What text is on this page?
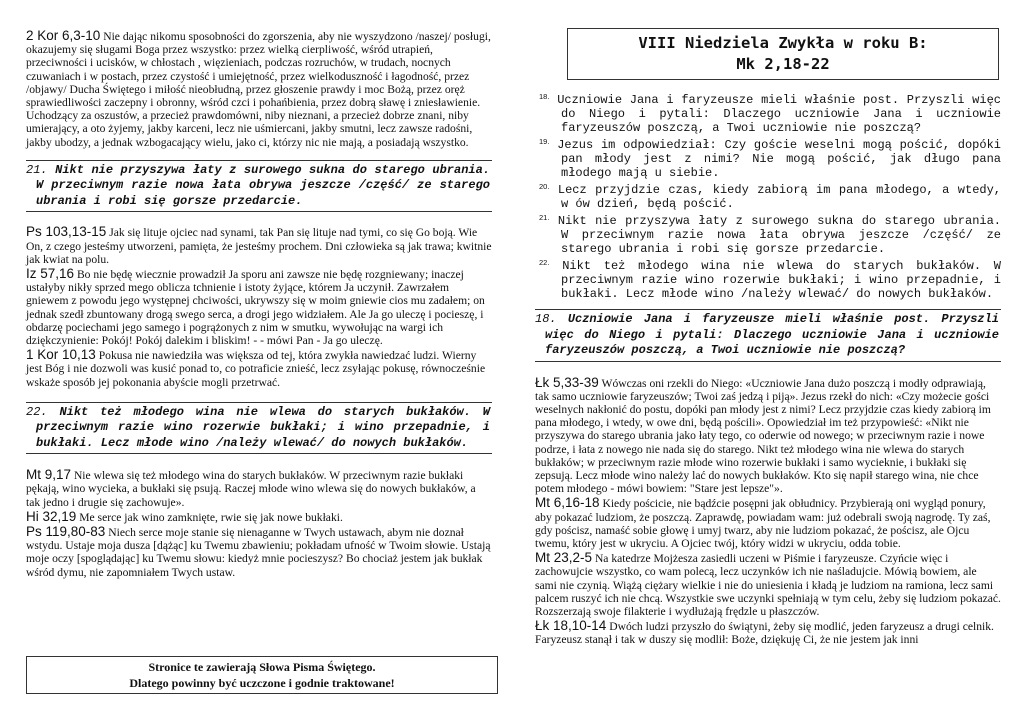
2 Kor 6,3-10 Nie dając nikomu sposobności do zgorszenia, aby nie wyszydzono /naszej/ posługi, okazujemy się sługami Boga przez wszystko: przez wielką cierpliwość, wśród utrapień, przeciwności i ucisków, w chłostach , więzieniach, podczas rozruchów, w trudach, nocnych czuwaniach i w postach, przez czystość i umiejętność, przez wielkoduszność i łagodność, przez /objawy/ Ducha Świętego i miłość nieobłudną, przez głoszenie prawdy i moc Bożą, przez oręż sprawiedliwości zaczepny i obronny, wśród czci i pohańbienia, przez dobrą sławę i zniesławienie. Uchodzący za oszustów, a przecież prawdomówni, niby nieznani, a przecież dobrze znani, niby umierający, a oto żyjemy, jakby karceni, lecz nie uśmiercani, jakby smutni, lecz zawsze radośni, jakby ubodzy, a jednak wzbogacający wielu, jako ci, którzy nic nie mają, a posiadają wszystko.

21. Nikt nie przyszywa łaty z surowego sukna do starego ubrania. W przeciwnym razie nowa łata obrywa jeszcze /część/ ze starego ubrania i robi się gorsze przedarcie.

Ps 103,13-15 Jak się lituje ojciec nad synami, tak Pan się lituje nad tymi, co się Go boją. Wie On, z czego jesteśmy utworzeni, pamięta, że jesteśmy prochem. Dni człowieka są jak trawa; kwitnie jak kwiat na polu.

Iz 57,16 Bo nie będę wiecznie prowadził Ja sporu ani zawsze nie będę rozgniewany; inaczej ustałyby nikły sprzed mego oblicza tchnienie i istoty żyjące, którem Ja uczynił. Zawrzałem gniewem z powodu jego występnej chciwości, ukrywszy się w moim gniewie cios mu zadałem; on jednak szedł zbuntowany drogą swego serca, a drogi jego widziałem. Ale Ja go uleczę i pocieszę, i obdarzę pociechami jego samego i pogrążonych z nim w smutku, wywołując na wargi ich dziękczynienie: Pokój! Pokój dalekim i bliskim! - - mówi Pan - Ja go uleczę.

1 Kor 10,13 Pokusa nie nawiedziła was większa od tej, która zwykła nawiedzać ludzi. Wierny jest Bóg i nie dozwoli was kusić ponad to, co potraficie znieść, lecz zsyłając pokusę, równocześnie wskaże sposób jej pokonania abyście mogli przetrwać.

22. Nikt też młodego wina nie wlewa do starych bukłaków. W przeciwnym razie wino rozerwie bukłaki; i wino przepadnie, i bukłaki. Lecz młode wino /należy wlewać/ do nowych bukłaków.

Mt 9,17 Nie wlewa się też młodego wina do starych bukłaków. W przeciwnym razie bukłaki pękają, wino wycieka, a bukłaki się psują. Raczej młode wino wlewa się do nowych bukłaków, a tak jedno i drugie się zachowuje».

Hi 32,19 Me serce jak wino zamknięte, rwie się jak nowe bukłaki.

Ps 119,80-83 Niech serce moje stanie się nienaganne w Twych ustawach, abym nie doznał wstydu. Ustaje moja dusza [dążąc] ku Twemu zbawieniu; pokładam ufność w Twoim słowie. Ustają moje oczy [spoglądając] ku Twemu słowu: kiedyż mnie pocieszysz? Bo chociaż jestem jak bukłak wśród dymu, nie zapomniałem Twych ustaw.

Stronice te zawierają Słowa Pisma Świętego.
Dlatego powinny być uczczone i godnie traktowane!
VIII Niedziela Zwykła w roku B:
Mk 2,18-22

$^{18.}$ Uczniowie Jana i faryzeusze mieli właśnie post. Przyszli więc do Niego i pytali: Dlaczego uczniowie Jana i uczniowie faryzeuszów poszczą, a Twoi uczniowie nie poszczą?

$^{19.}$ Jezus im odpowiedział: Czy goście weselni mogą pościć, dopóki pan młody jest z nimi? Nie mogą pościć, jak długo pana młodego mają u siebie.

$^{20.}$ Lecz przyjdzie czas, kiedy zabiorą im pana młodego, a wtedy, w ów dzień, będą pościć.

$^{21.}$ Nikt nie przyszywa łaty z surowego sukna do starego ubrania. W przeciwnym razie nowa łata obrywa jeszcze /część/ ze starego ubrania i robi się gorsze przedarcie.

$^{22.}$ Nikt też młodego wina nie wlewa do starych bukłaków. W przeciwnym razie wino rozerwie bukłaki; i wino przepadnie, i bukłaki. Lecz młode wino /należy wlewać/ do nowych bukłaków.

18. Uczniowie Jana i faryzeusze mieli właśnie post. Przyszli więc do Niego i pytali: Dlaczego uczniowie Jana i uczniowie faryzeuszów poszczą, a Twoi uczniowie nie poszczą?

Łk 5,33-39 Wówczas oni rzekli do Niego: «Uczniowie Jana dużo poszczą i modły odprawiają, tak samo uczniowie faryzeuszów; Twoi zaś jedzą i piją». Jezus rzekł do nich: «Czy możecie gości weselnych nakłonić do postu, dopóki pan młody jest z nimi? Lecz przyjdzie czas kiedy zabiorą im pana młodego, i wtedy, w owe dni, będą pościli». Opowiedział im też przypowieść: «Nikt nie przyszywa do starego ubrania jako łaty tego, co oderwie od nowego; w przeciwnym razie i nowe podrze, i łata z nowego nie nada się do starego. Nikt też młodego wina nie wlewa do starych bukłaków; w przeciwnym razie młode wino rozerwie bukłaki i samo wycieknie, i bukłaki się zepsują. Lecz młode wino należy lać do nowych bukłaków. Kto się napił starego wina, nie chce potem młodego - mówi bowiem: "Stare jest lepsze"».

Mt 6,16-18 Kiedy pościcie, nie bądźcie posępni jak obłudnicy. Przybierają oni wygląd ponury, aby pokazać ludziom, że poszczą. Zaprawdę, powiadam wam: już odebrali swoją nagrodę. Ty zaś, gdy pościsz, namaść sobie głowę i umyj twarz, aby nie ludziom pokazać, że pościsz, ale Ojcu twemu, który jest w ukryciu. A Ojciec twój, który widzi w ukryciu, odda tobie.

Mt 23,2-5 Na katedrze Mojżesza zasiedli uczeni w Piśmie i faryzeusze. Czyńcie więc i zachowujcie wszystko, co wam polecą, lecz uczynków ich nie naśladujcie. Mówią bowiem, ale sami nie czynią. Wiążą ciężary wielkie i nie do uniesienia i kładą je ludziom na ramiona, lecz sami palcem ruszyć ich nie chcą. Wszystkie swe uczynki spełniają w tym celu, żeby się ludziom pokazać. Rozszerzają swoje filakterie i wydłużają frędzle u płaszczów.

Łk 18,10-14 Dwóch ludzi przyszło do świątyni, żeby się modlić, jeden faryzeusz a drugi celnik. Faryzeusz stanął i tak w duszy się modlił: Boże, dziękuję Ci, że nie jestem jak inni
